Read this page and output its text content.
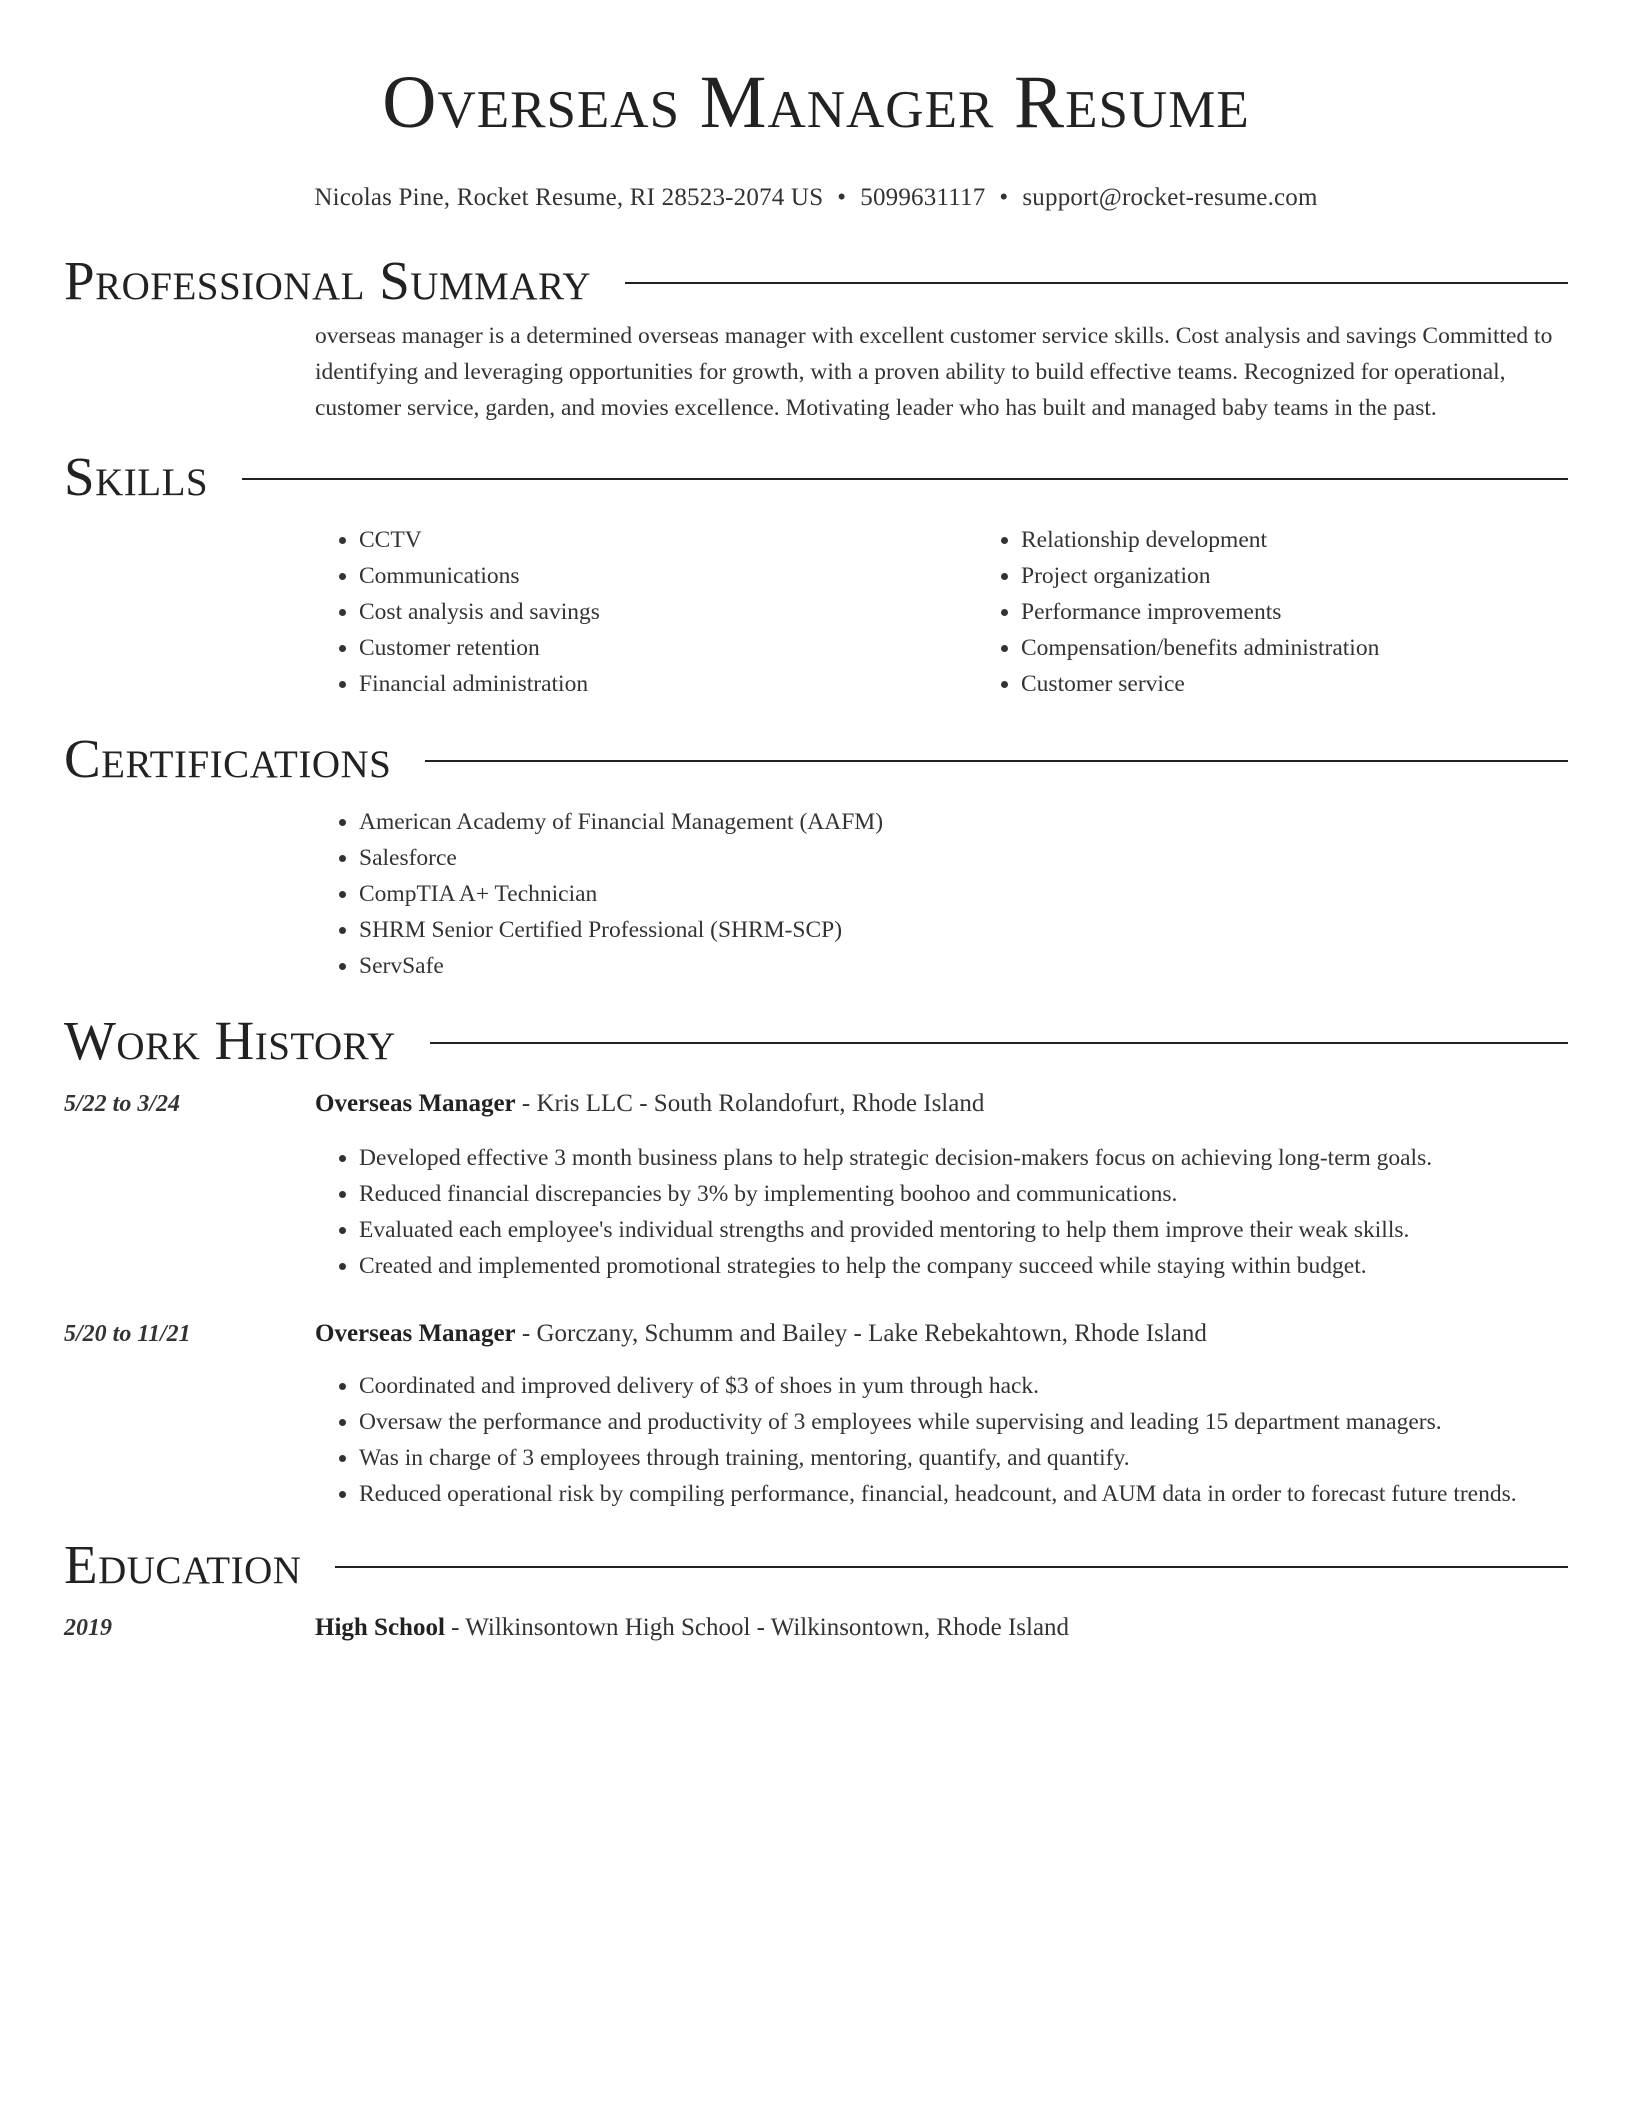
Overseas Manager Resume
Nicolas Pine, Rocket Resume, RI 28523-2074 US • 5099631117 • support@rocket-resume.com
Professional Summary

overseas manager is a determined overseas manager with excellent customer service skills. Cost analysis and savings Committed to identifying and leveraging opportunities for growth, with a proven ability to build effective teams. Recognized for operational, customer service, garden, and movies excellence. Motivating leader who has built and managed baby teams in the past.

Skills
• CCTV
• Communications
• Cost analysis and savings
• Customer retention
• Financial administration
• Relationship development
• Project organization
• Performance improvements
• Compensation/benefits administration
• Customer service
Certifications
• American Academy of Financial Management (AAFM)
• Salesforce
• CompTIA A+ Technician
• SHRM Senior Certified Professional (SHRM-SCP)
• ServSafe
Work History
5/22 to 3/24	Overseas Manager - Kris LLC - South Rolandofurt, Rhode Island
• Developed effective 3 month business plans to help strategic decision-makers focus on achieving long-term goals.
• Reduced financial discrepancies by 3% by implementing boohoo and communications.
• Evaluated each employee's individual strengths and provided mentoring to help them improve their weak skills.
• Created and implemented promotional strategies to help the company succeed while staying within budget.
5/20 to 11/21	Overseas Manager - Gorczany, Schumm and Bailey - Lake Rebekahtown, Rhode Island
• Coordinated and improved delivery of $3 of shoes in yum through hack.
• Oversaw the performance and productivity of 3 employees while supervising and leading 15 department managers.
• Was in charge of 3 employees through training, mentoring, quantify, and quantify.
• Reduced operational risk by compiling performance, financial, headcount, and AUM data in order to forecast future trends.
Education
2019	High School - Wilkinsontown High School - Wilkinsontown, Rhode Island
